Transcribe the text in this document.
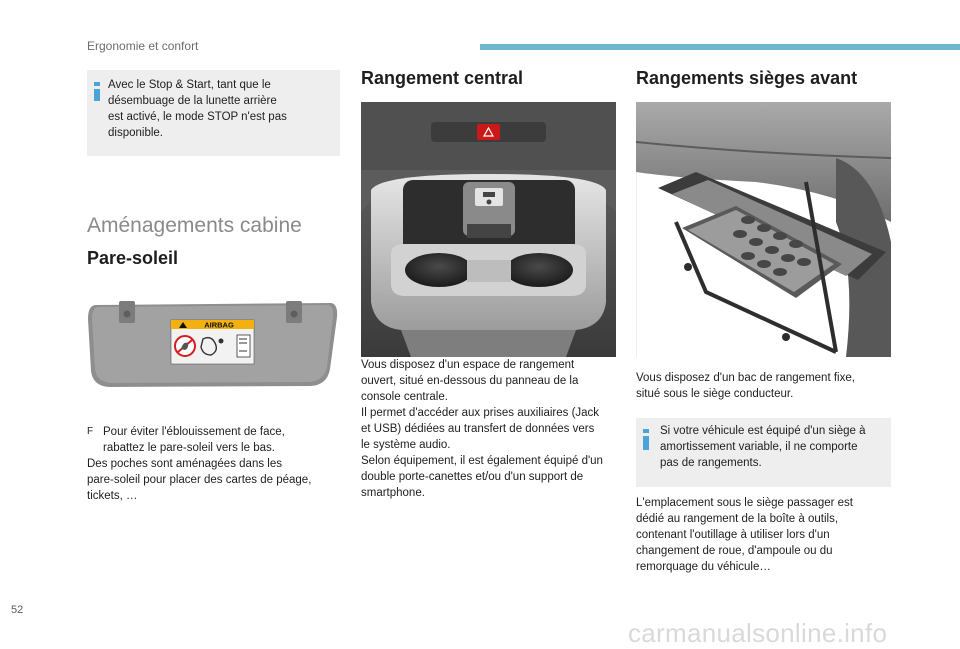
Ergonomie et confort
Avec le Stop & Start, tant que le
désembuage de la lunette arrière
est activé, le mode STOP n'est pas
disponible.
Aménagements cabine
Pare-soleil
AIRBAG
F Pour éviter l'éblouissement de face,
rabattez le pare-soleil vers le bas.
Des poches sont aménagées dans les
pare-soleil pour placer des cartes de péage,
tickets, …
Rangement central
Vous disposez d'un espace de rangement
ouvert, situé en-dessous du panneau de la
console centrale.
Il permet d'accéder aux prises auxiliaires (Jack
et USB) dédiées au transfert de données vers
le système audio.
Selon équipement, il est également équipé d'un
double porte-canettes et/ou d'un support de
smartphone.
Rangements sièges avant
Vous disposez d'un bac de rangement fixe,
situé sous le siège conducteur.
Si votre véhicule est équipé d'un siège à
amortissement variable, il ne comporte
pas de rangements.
L'emplacement sous le siège passager est
dédié au rangement de la boîte à outils,
contenant l'outillage à utiliser lors d'un
changement de roue, d'ampoule ou du
remorquage du véhicule…
52
carmanualsonline.info
